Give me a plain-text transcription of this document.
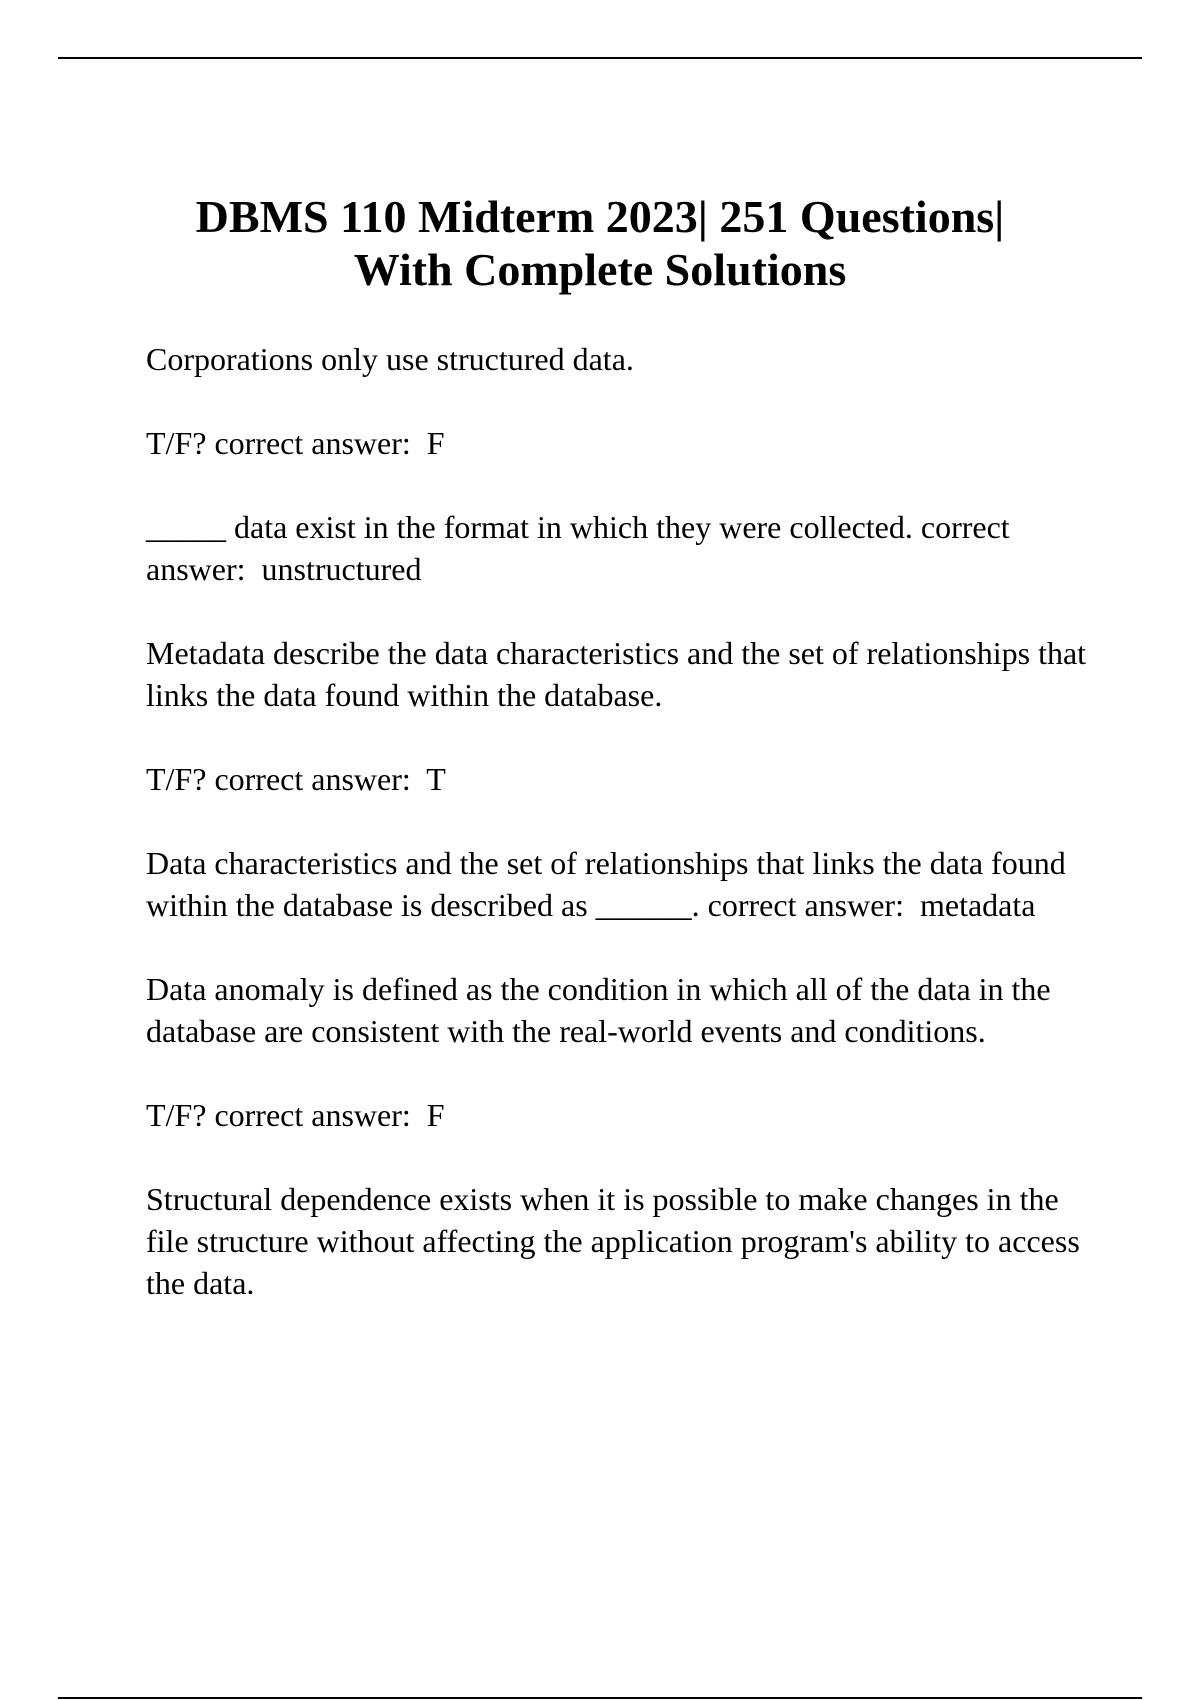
DBMS 110 Midterm 2023| 251 Questions|
With Complete Solutions

Corporations only use structured data.

T/F? correct answer:  F

_____ data exist in the format in which they were collected. correct answer:  unstructured

Metadata describe the data characteristics and the set of relationships that links the data found within the database.

T/F? correct answer:  T

Data characteristics and the set of relationships that links the data found within the database is described as ______. correct answer:  metadata

Data anomaly is defined as the condition in which all of the data in the database are consistent with the real-world events and conditions.

T/F? correct answer:  F

Structural dependence exists when it is possible to make changes in the file structure without affecting the application program's ability to access the data.
